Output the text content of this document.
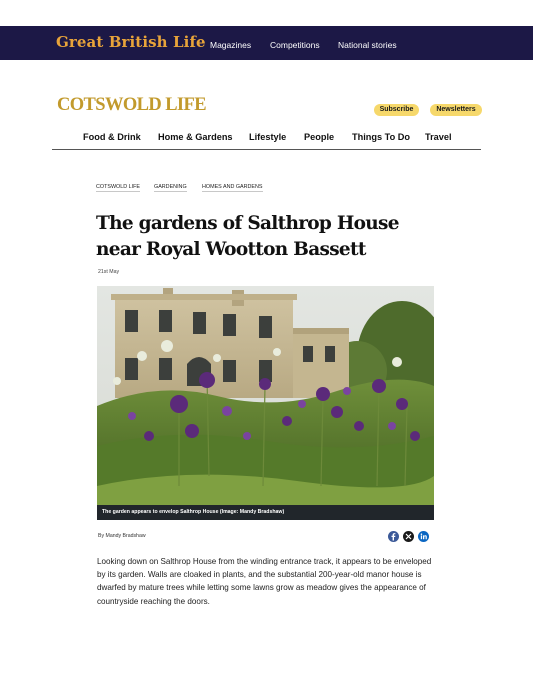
Great British Life Magazines Competitions National stories
COTSWOLD LIFE	Subscribe	Newsletters
Food & Drink Home & Gardens Lifestyle People Things To Do Travel
COTSWOLD LIFE	GARDENING	HOMES AND GARDENS
The gardens of Salthrop House near Royal Wootton Bassett
21st May
The garden appears to envelop Salthrop House (Image: Mandy Bradshaw)
By Mandy Bradshaw

Looking down on Salthrop House from the winding entrance track, it appears to be enveloped by its garden. Walls are cloaked in plants, and the substantial 200-year-old manor house is dwarfed by mature trees while letting some lawns grow as meadow gives the appearance of countryside reaching the doors.
